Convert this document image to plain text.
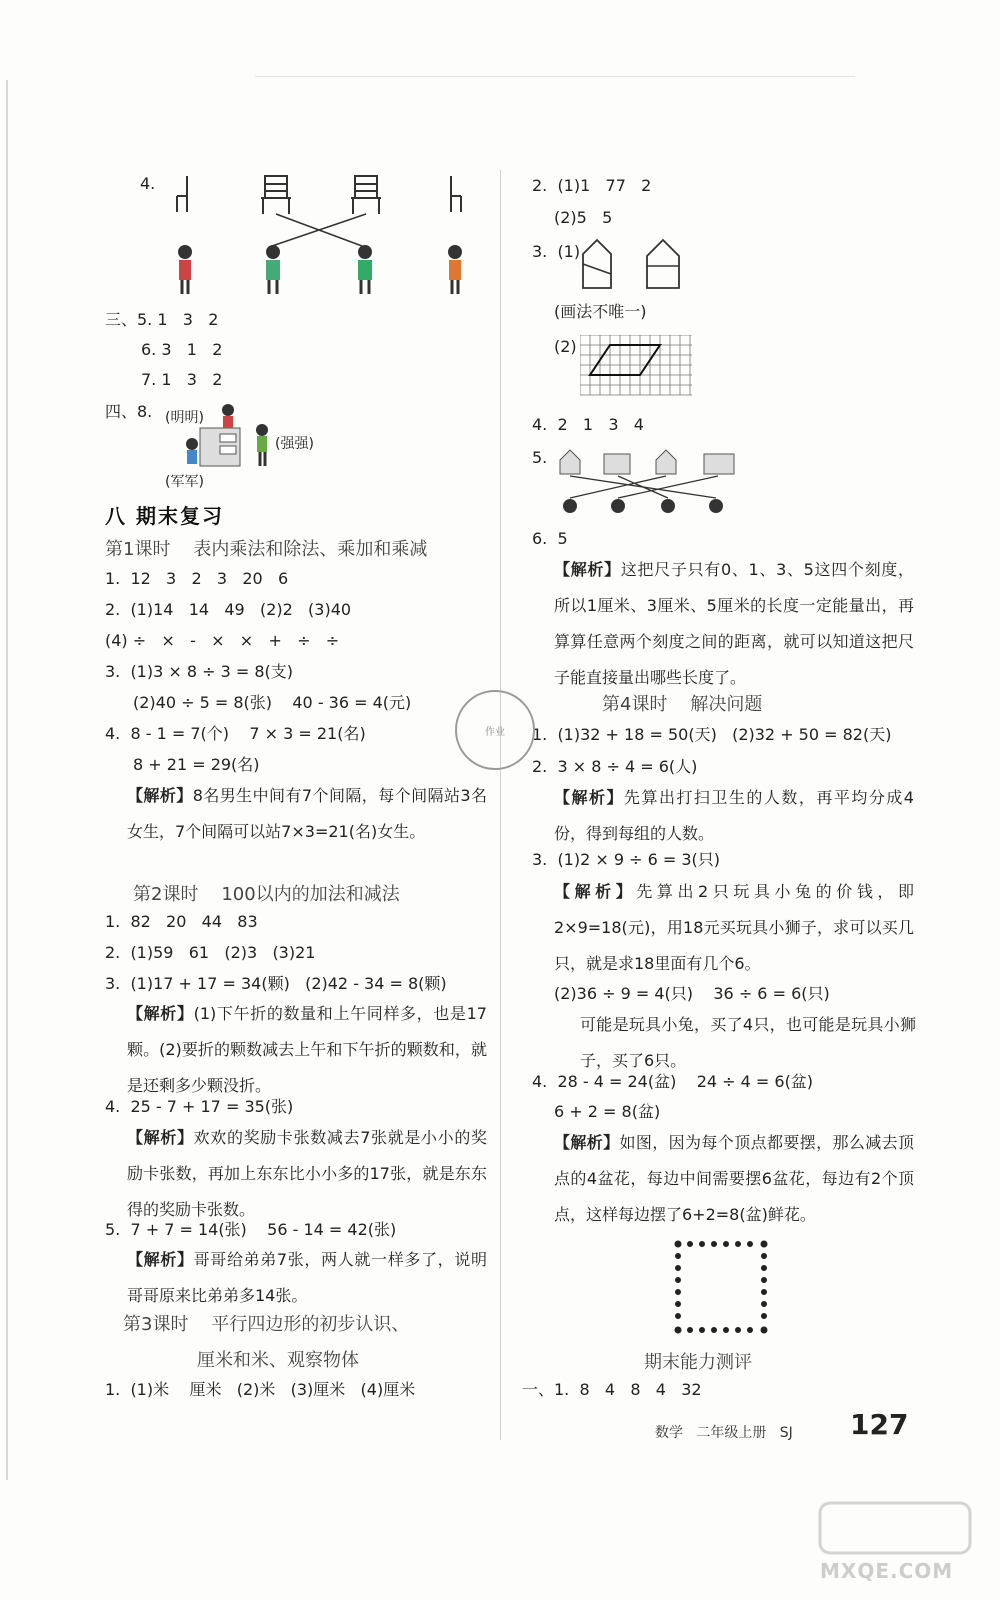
4.
三、5. 1   3   2
6. 3   1   2
7. 1   3   2
四、8. (明明)
(强强)
(军军)
八 期末复习
第1课时    表内乘法和除法、乘加和乘减
1.  12   3   2   3   20   6
2.  (1)14   14   49   (2)2   (3)40
(4) ÷   ×   -   ×   ×   +   ÷   ÷
3.  (1)3 × 8 ÷ 3 = 8(支)
(2)40 ÷ 5 = 8(张)    40 - 36 = 4(元)
4.  8 - 1 = 7(个)    7 × 3 = 21(名)
8 + 21 = 29(名)
【解析】8名男生中间有7个间隔，每个间隔站3名女生，7个间隔可以站7×3=21(名)女生。
第2课时    100以内的加法和减法
1.  82   20   44   83
2.  (1)59   61   (2)3   (3)21
3.  (1)17 + 17 = 34(颗)   (2)42 - 34 = 8(颗)
【解析】(1)下午折的数量和上午同样多，也是17颗。(2)要折的颗数减去上午和下午折的颗数和，就是还剩多少颗没折。
4.  25 - 7 + 17 = 35(张)
【解析】欢欢的奖励卡张数减去7张就是小小的奖励卡张数，再加上东东比小小多的17张，就是东东得的奖励卡张数。
5.  7 + 7 = 14(张)    56 - 14 = 42(张)
【解析】哥哥给弟弟7张，两人就一样多了，说明哥哥原来比弟弟多14张。
第3课时    平行四边形的初步认识、
厘米和米、观察物体
1.  (1)米    厘米   (2)米   (3)厘米   (4)厘米
2.  (1)1   77   2
(2)5   5
3.  (1)
(画法不唯一)
(2)
4.  2   1   3   4
5.
6.  5
【解析】这把尺子只有0、1、3、5这四个刻度，所以1厘米、3厘米、5厘米的长度一定能量出，再算算任意两个刻度之间的距离，就可以知道这把尺子能直接量出哪些长度了。
第4课时    解决问题
1.  (1)32 + 18 = 50(天)   (2)32 + 50 = 82(天)
2.  3 × 8 ÷ 4 = 6(人)
【解析】先算出打扫卫生的人数，再平均分成4份，得到每组的人数。
3.  (1)2 × 9 ÷ 6 = 3(只)
【解析】先算出2只玩具小兔的价钱，即2×9=18(元)，用18元买玩具小狮子，求可以买几只，就是求18里面有几个6。
(2)36 ÷ 9 = 4(只)    36 ÷ 6 = 6(只)
可能是玩具小兔，买了4只，也可能是玩具小狮子，买了6只。
4.  28 - 4 = 24(盆)    24 ÷ 4 = 6(盆)
6 + 2 = 8(盆)
【解析】如图，因为每个顶点都要摆，那么减去顶点的4盆花，每边中间需要摆6盆花，每边有2个顶点，这样每边摆了6+2=8(盆)鲜花。
期末能力测评
一、1.  8   4   8   4   32
作业
数学   二年级上册   SJ 127
MXQE.COM
